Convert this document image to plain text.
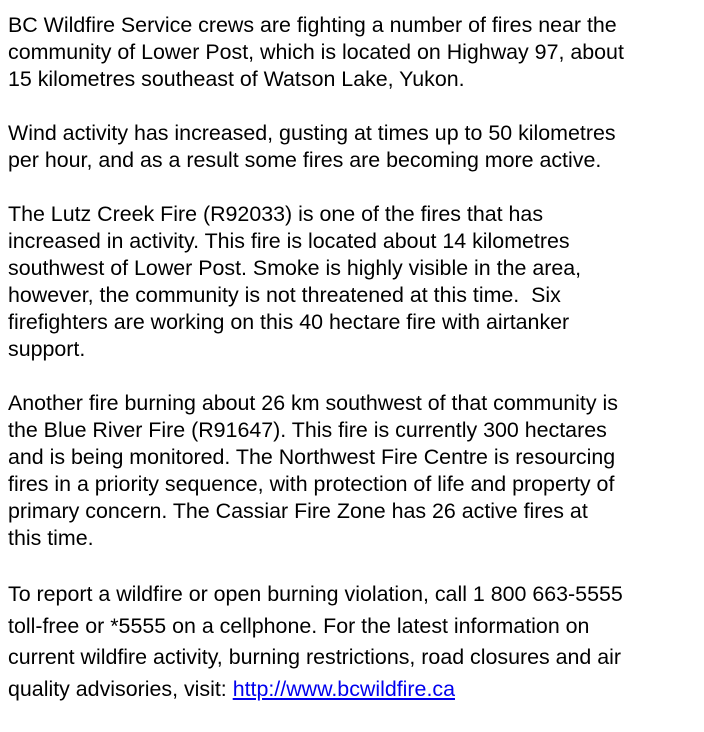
BC Wildfire Service crews are fighting a number of fires near the
community of Lower Post, which is located on Highway 97, about
15 kilometres southeast of Watson Lake, Yukon.

Wind activity has increased, gusting at times up to 50 kilometres
per hour, and as a result some fires are becoming more active.

The Lutz Creek Fire (R92033) is one of the fires that has
increased in activity. This fire is located about 14 kilometres
southwest of Lower Post. Smoke is highly visible in the area,
however, the community is not threatened at this time.  Six
firefighters are working on this 40 hectare fire with airtanker
support.

Another fire burning about 26 km southwest of that community is
the Blue River Fire (R91647). This fire is currently 300 hectares
and is being monitored. The Northwest Fire Centre is resourcing
fires in a priority sequence, with protection of life and property of
primary concern. The Cassiar Fire Zone has 26 active fires at
this time.

To report a wildfire or open burning violation, call 1 800 663-5555
toll-free or *5555 on a cellphone. For the latest information on
current wildfire activity, burning restrictions, road closures and air
quality advisories, visit: http://www.bcwildfire.ca
